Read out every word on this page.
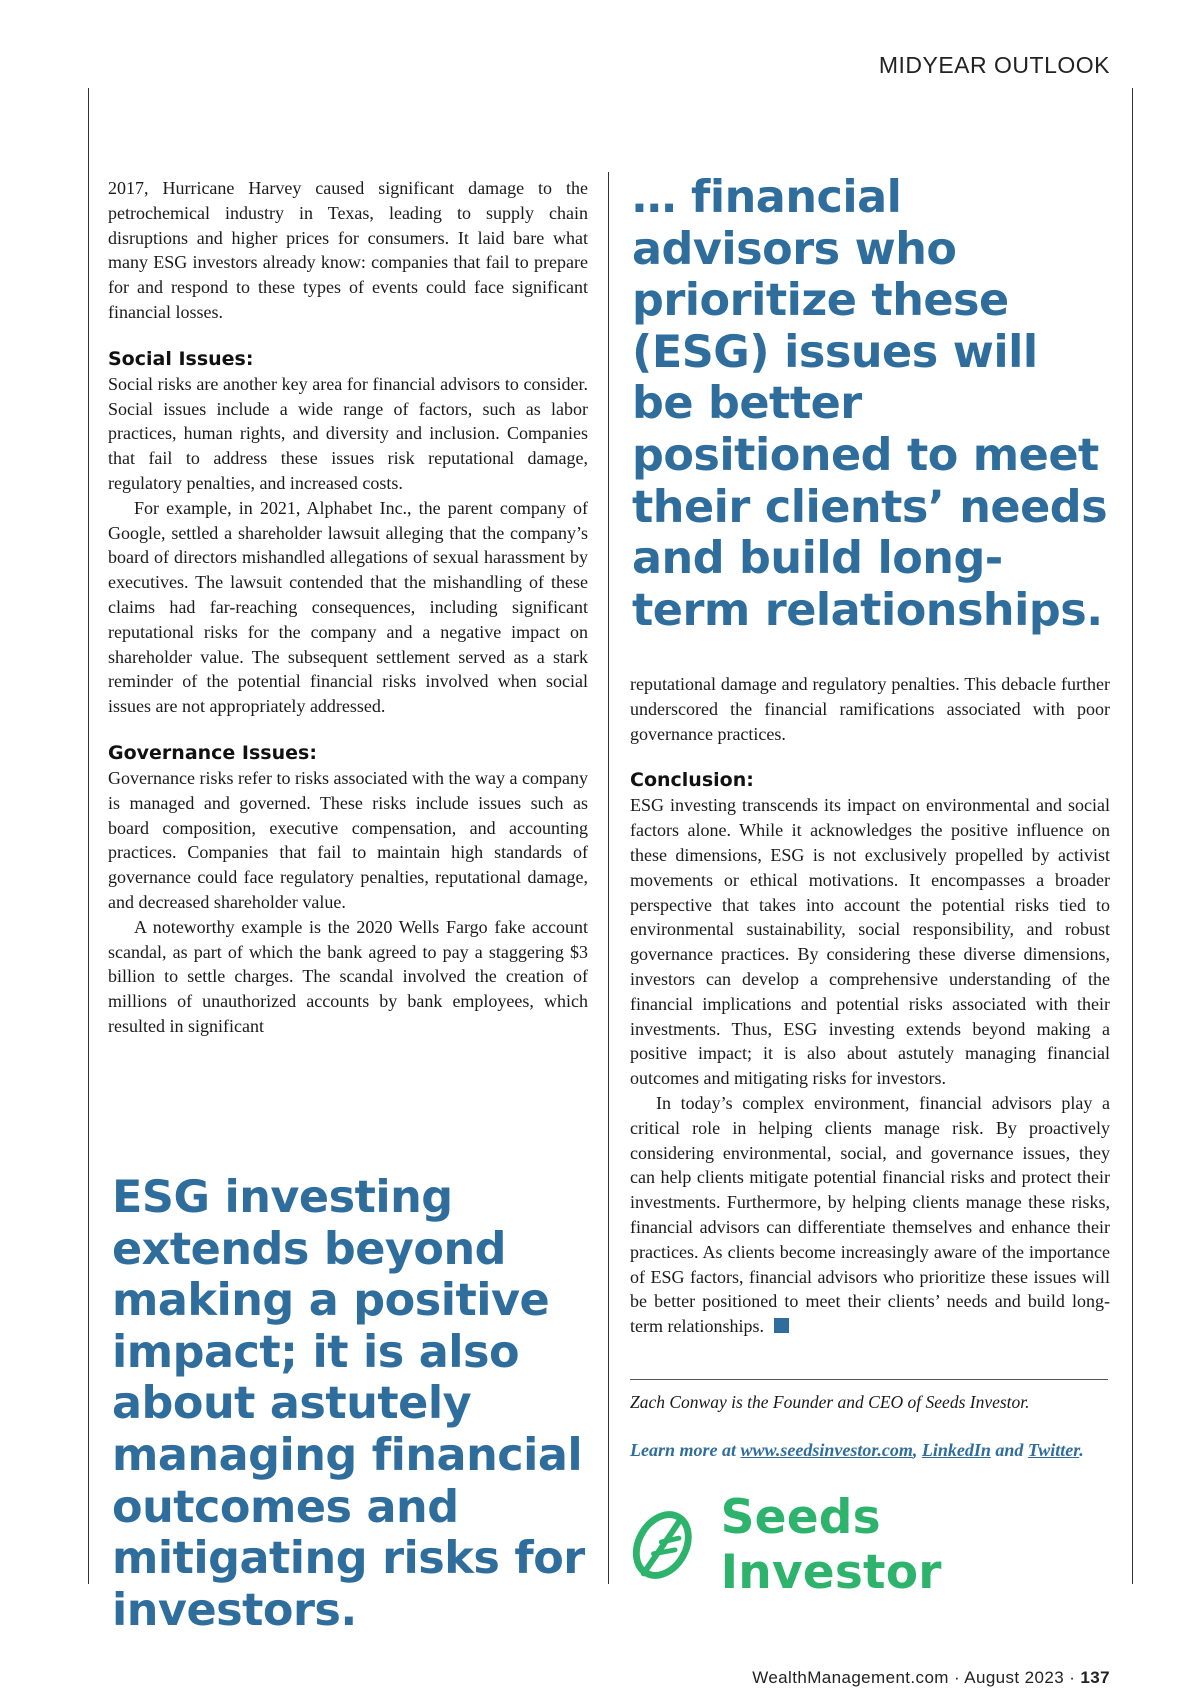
MIDYEAR OUTLOOK

2017, Hurricane Harvey caused significant damage to the petrochemical industry in Texas, leading to supply chain disruptions and higher prices for consumers. It laid bare what many ESG investors already know: companies that fail to prepare for and respond to these types of events could face significant financial losses.

Social Issues:

Social risks are another key area for financial advisors to consider. Social issues include a wide range of factors, such as labor practices, human rights, and diversity and inclusion. Companies that fail to address these issues risk reputational damage, regulatory penalties, and increased costs.

For example, in 2021, Alphabet Inc., the parent company of Google, settled a shareholder lawsuit alleging that the company’s board of directors mishandled allegations of sexual harassment by executives. The lawsuit contended that the mishandling of these claims had far-reaching consequences, including significant reputational risks for the company and a negative impact on shareholder value. The subsequent settlement served as a stark reminder of the potential financial risks involved when social issues are not appropriately addressed.

Governance Issues:

Governance risks refer to risks associated with the way a company is managed and governed. These risks include issues such as board composition, executive compensation, and accounting practices. Companies that fail to maintain high standards of governance could face regulatory penalties, reputational damage, and decreased shareholder value.

A noteworthy example is the 2020 Wells Fargo fake account scandal, as part of which the bank agreed to pay a staggering $3 billion to settle charges. The scandal involved the creation of millions of unauthorized accounts by bank employees, which resulted in significant

… financial advisors who prioritize these (ESG) issues will be better positioned to meet their clients’ needs and build long-term relationships.
ESG investing extends beyond making a positive impact; it is also about astutely managing financial outcomes and mitigating risks for investors.

reputational damage and regulatory penalties. This debacle further underscored the financial ramifications associated with poor governance practices.

Conclusion:

ESG investing transcends its impact on environmental and social factors alone. While it acknowledges the positive influence on these dimensions, ESG is not exclusively propelled by activist movements or ethical motivations. It encompasses a broader perspective that takes into account the potential risks tied to environmental sustainability, social responsibility, and robust governance practices. By considering these diverse dimensions, investors can develop a comprehensive understanding of the financial implications and potential risks associated with their investments. Thus, ESG investing extends beyond making a positive impact; it is also about astutely managing financial outcomes and mitigating risks for investors.

In today’s complex environment, financial advisors play a critical role in helping clients manage risk. By proactively considering environmental, social, and governance issues, they can help clients mitigate potential financial risks and protect their investments. Furthermore, by helping clients manage these risks, financial advisors can differentiate themselves and enhance their practices. As clients become increasingly aware of the importance of ESG factors, financial advisors who prioritize these issues will be better positioned to meet their clients’ needs and build long-term relationships.

Zach Conway is the Founder and CEO of Seeds Investor.
Learn more at www.seedsinvestor.com, LinkedIn and Twitter.
Seeds Investor
WealthManagement.com · August 2023 · 137
